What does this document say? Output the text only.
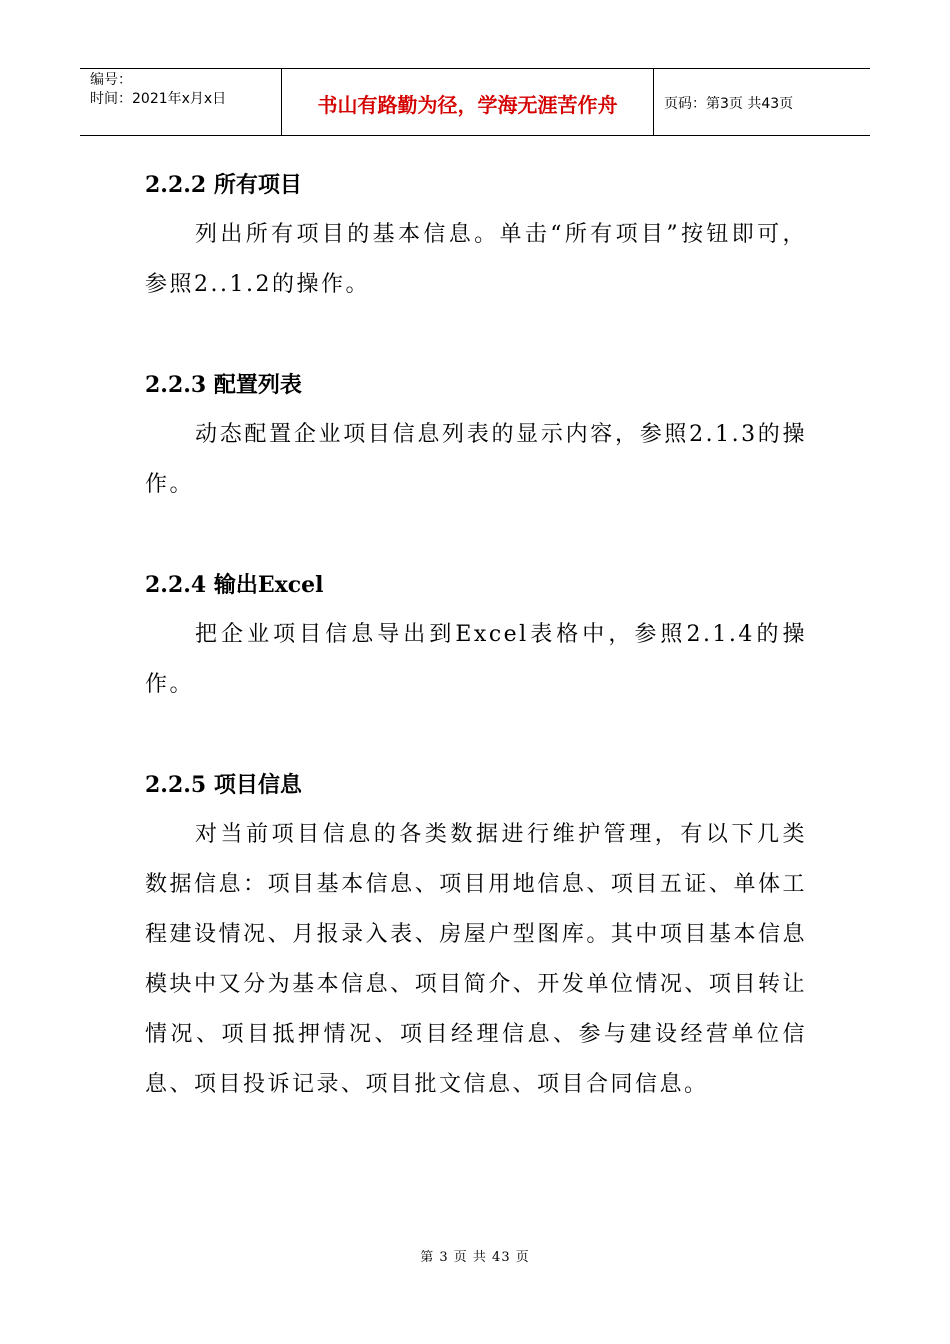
编号：
时间：2021年x月x日	书山有路勤为径，学海无涯苦作舟	页码：第3页 共43页
2.2.2 所有项目

列出所有项目的基本信息。单击“所有项目”按钮即可，参照2..1.2的操作。

2.2.3 配置列表

动态配置企业项目信息列表的显示内容，参照2.1.3的操作。

2.2.4 输出Excel

把企业项目信息导出到Excel表格中，参照2.1.4的操作。

2.2.5 项目信息

对当前项目信息的各类数据进行维护管理，有以下几类数据信息：项目基本信息、项目用地信息、项目五证、单体工程建设情况、月报录入表、房屋户型图库。其中项目基本信息模块中又分为基本信息、项目简介、开发单位情况、项目转让情况、项目抵押情况、项目经理信息、参与建设经营单位信息、项目投诉记录、项目批文信息、项目合同信息。

第 3 页 共 43 页
